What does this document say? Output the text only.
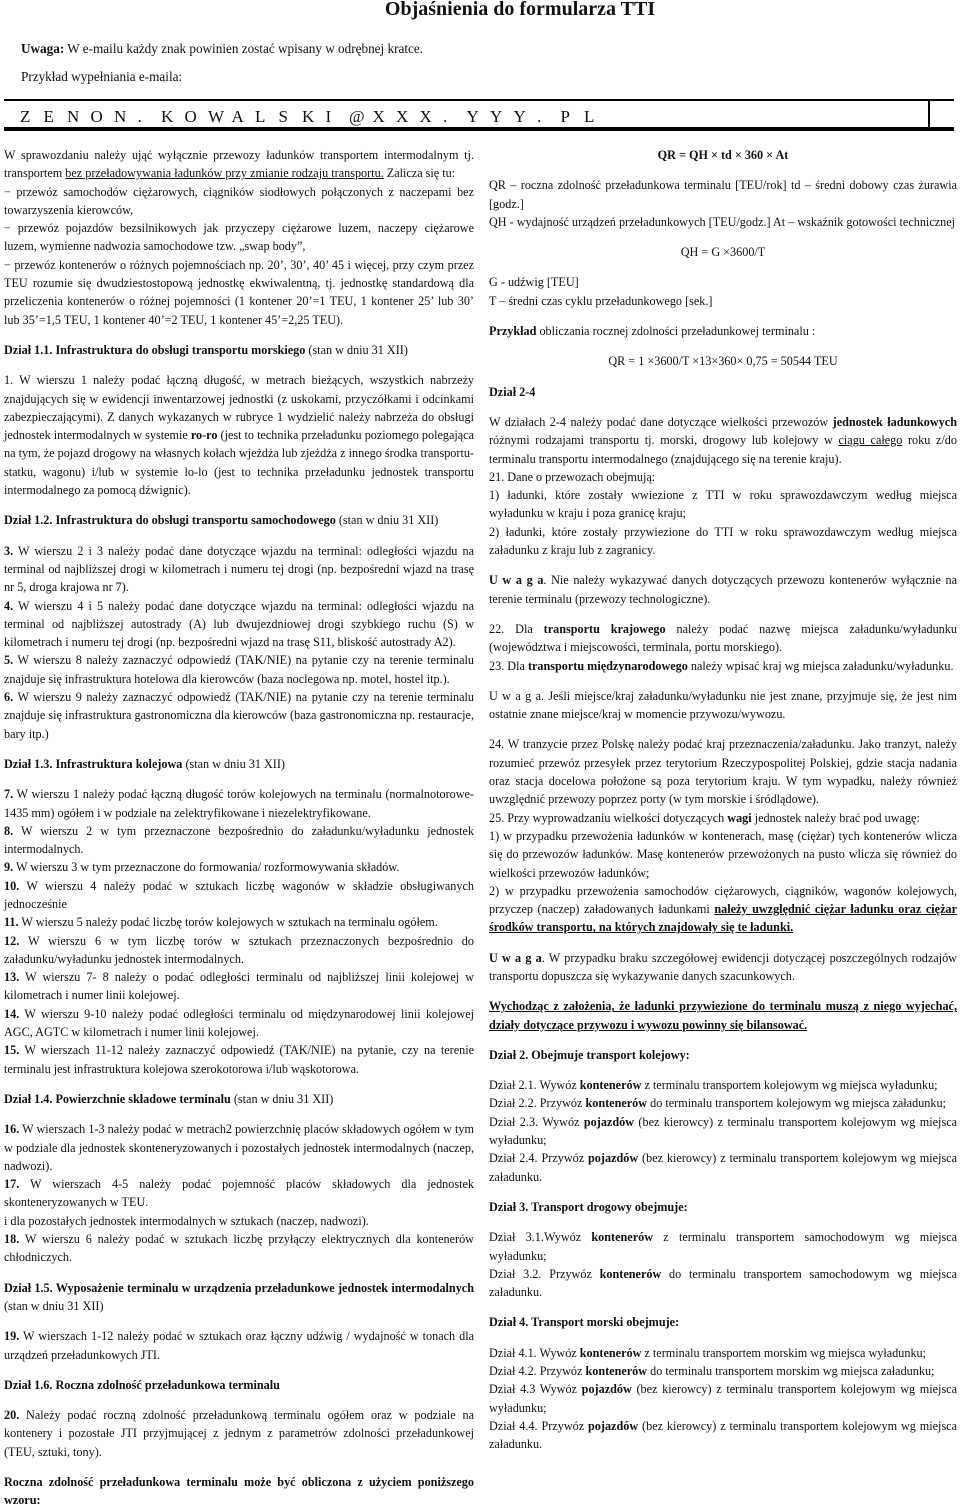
Objaśnienia do formularza TTI
Uwaga: W e-mailu każdy znak powinien zostać wpisany w odrębnej kratce.
Przykład wypełniania e-maila:
Z E N O N . K O W A L S K I @ X X X . Y Y Y . P L

W sprawozdaniu należy ująć wyłącznie przewozy ładunków transportem intermodalnym tj. transportem bez przeładowywania ładunków przy zmianie rodzaju transportu. Zalicza się tu:

− przewóz samochodów ciężarowych, ciągników siodłowych połączonych z naczepami bez towarzyszenia kierowców,

− przewóz pojazdów bezsilnikowych jak przyczepy ciężarowe luzem, naczepy ciężarowe luzem, wymienne nadwozia samochodowe tzw. „swap body”,

− przewóz kontenerów o różnych pojemnościach np. 20’, 30’, 40’ 45 i więcej, przy czym przez TEU rozumie się dwudziestostopową jednostkę ekwiwalentną, tj. jednostkę standardową dla przeliczenia kontenerów o różnej pojemności (1 kontener 20’=1 TEU, 1 kontener 25’ lub 30’ lub 35’=1,5 TEU, 1 kontener 40’=2 TEU, 1 kontener 45’=2,25 TEU).

Dział 1.1. Infrastruktura do obsługi transportu morskiego (stan w dniu 31 XII)

1. W wierszu 1 należy podać łączną długość, w metrach bieżących, wszystkich nabrzeży znajdujących się w ewidencji inwentarzowej jednostki (z uskokami, przyczółkami i odcinkami zabezpieczającymi). Z danych wykazanych w rubryce 1 wydzielić należy nabrzeża do obsługi jednostek intermodalnych w systemie ro-ro (jest to technika przeładunku poziomego polegająca na tym, że pojazd drogowy na własnych kołach wjeżdża lub zjeżdża z innego środka transportu- statku, wagonu) i/lub w systemie lo-lo (jest to technika przeładunku jednostek transportu intermodalnego za pomocą dźwignic).

Dział 1.2. Infrastruktura do obsługi transportu samochodowego (stan w dniu 31 XII)

3. W wierszu 2 i 3 należy podać dane dotyczące wjazdu na terminal: odległości wjazdu na terminal od najbliższej drogi w kilometrach i numeru tej drogi (np. bezpośredni wjazd na trasę nr 5, droga krajowa nr 7).

4. W wierszu 4 i 5 należy podać dane dotyczące wjazdu na terminal: odległości wjazdu na terminal od najbliższej autostrady (A) lub dwujezdniowej drogi szybkiego ruchu (S) w kilometrach i numeru tej drogi (np. bezpośredni wjazd na trasę S11, bliskość autostrady A2).

5. W wierszu 8 należy zaznaczyć odpowiedź (TAK/NIE) na pytanie czy na terenie terminalu znajduje się infrastruktura hotelowa dla kierowców (baza noclegowa np. motel, hostel itp.).

6. W wierszu 9 należy zaznaczyć odpowiedź (TAK/NIE) na pytanie czy na terenie terminalu znajduje się infrastruktura gastronomiczna dla kierowców (baza gastronomiczna np. restauracje, bary itp.)

Dział 1.3. Infrastruktura kolejowa (stan w dniu 31 XII)

7. W wierszu 1 należy podać łączną długość torów kolejowych na terminalu (normalnotorowe-1435 mm) ogółem i w podziale na zelektryfikowane i niezelektryfikowane.

8. W wierszu 2 w tym przeznaczone bezpośrednio do załadunku/wyładunku jednostek intermodalnych.

9. W wierszu 3 w tym przeznaczone do formowania/ rozformowywania składów.

10. W wierszu 4 należy podać w sztukach liczbę wagonów w składzie obsługiwanych jednocześnie

11. W wierszu 5 należy podać liczbę torów kolejowych w sztukach na terminalu ogółem.

12. W wierszu 6 w tym liczbę torów w sztukach przeznaczonych bezpośrednio do załadunku/wyładunku jednostek intermodalnych.

13. W wierszu 7- 8 należy o podać odległości terminalu od najbliższej linii kolejowej w kilometrach i numer linii kolejowej.

14. W wierszu 9-10 należy podać odległości terminalu od międzynarodowej linii kolejowej AGC, AGTC w kilometrach i numer linii kolejowej.

15. W wierszach 11-12 należy zaznaczyć odpowiedź (TAK/NIE) na pytanie, czy na terenie terminalu jest infrastruktura kolejowa szerokotorowa i/lub wąskotorowa.

Dział 1.4. Powierzchnie składowe terminalu (stan w dniu 31 XII)

16. W wierszach 1-3 należy podać w metrach2 powierzchnię placów składowych ogółem w tym w podziale dla jednostek skonteneryzowanych i pozostałych jednostek intermodalnych (naczep, nadwozi).

17. W wierszach 4-5 należy podać pojemność placów składowych dla jednostek skonteneryzowanych w TEU.

i dla pozostałych jednostek intermodalnych w sztukach (naczep, nadwozi).

18. W wierszu 6 należy podać w sztukach liczbę przyłączy elektrycznych dla kontenerów chłodniczych.

Dział 1.5. Wyposażenie terminalu w urządzenia przeładunkowe jednostek intermodalnych (stan w dniu 31 XII)

19. W wierszach 1-12 należy podać w sztukach oraz łączny udźwig / wydajność w tonach dla urządzeń przeładunkowych JTI.

Dział 1.6. Roczna zdolność przeładunkowa terminalu

20. Należy podać roczną zdolność przeładunkową terminalu ogółem oraz w podziale na kontenery i pozostałe JTI przyjmującej z jednym z parametrów zdolności przeładunkowej (TEU, sztuki, tony).

Roczna zdolność przeładunkowa terminalu może być obliczona z użyciem poniższego wzoru:

QR = QH × td × 360 × At

QR – roczna zdolność przeładunkowa terminalu [TEU/rok] td – średni dobowy czas żurawia [godz.]

QH - wydajność urządzeń przeładunkowych [TEU/godz.] At – wskaźnik gotowości technicznej

QH = G ×3600/T

G - udźwig [TEU]

T – średni czas cyklu przeładunkowego [sek.]

Przykład obliczania rocznej zdolności przeładunkowej terminalu :

QR = 1 ×3600/T ×13×360× 0,75 = 50544 TEU

Dział 2-4

W działach 2-4 należy podać dane dotyczące wielkości przewozów jednostek ładunkowych różnymi rodzajami transportu tj. morski, drogowy lub kolejowy w ciągu całego roku z/do terminalu transportu intermodalnego (znajdującego się na terenie kraju).

21. Dane o przewozach obejmują:

1) ładunki, które zostały wwiezione z TTI w roku sprawozdawczym według miejsca wyładunku w kraju i poza granicę kraju;

2) ładunki, które zostały przywiezione do TTI w roku sprawozdawczym według miejsca załadunku z kraju lub z zagranicy.

U w a g a. Nie należy wykazywać danych dotyczących przewozu kontenerów wyłącznie na terenie terminalu (przewozy technologiczne).

22. Dla transportu krajowego należy podać nazwę miejsca załadunku/wyładunku (województwa i miejscowości, terminala, portu morskiego).

23. Dla transportu międzynarodowego należy wpisać kraj wg miejsca załadunku/wyładunku.

U w a g a. Jeśli miejsce/kraj załadunku/wyładunku nie jest znane, przyjmuje się, że jest nim ostatnie znane miejsce/kraj w momencie przywozu/wywozu.

24. W tranzycie przez Polskę należy podać kraj przeznaczenia/załadunku. Jako tranzyt, należy rozumieć przewóz przesyłek przez terytorium Rzeczypospolitej Polskiej, gdzie stacja nadania oraz stacja docelowa położone są poza terytorium kraju. W tym wypadku, należy również uwzględnić przewozy poprzez porty (w tym morskie i śródlądowe).

25. Przy wyprowadzaniu wielkości dotyczących wagi jednostek należy brać pod uwagę:

1) w przypadku przewożenia ładunków w kontenerach, masę (ciężar) tych kontenerów wlicza się do przewozów ładunków. Masę kontenerów przewożonych na pusto wlicza się również do wielkości przewozów ładunków;

2) w przypadku przewożenia samochodów ciężarowych, ciągników, wagonów kolejowych, przyczep (naczep) załadowanych ładunkami należy uwzględnić ciężar ładunku oraz ciężar środków transportu, na których znajdowały się te ładunki.

U w a g a. W przypadku braku szczegółowej ewidencji dotyczącej poszczególnych rodzajów transportu dopuszcza się wykazywanie danych szacunkowych.

Wychodząc z założenia, że ładunki przywiezione do terminalu muszą z niego wyjechać, działy dotyczące przywozu i wywozu powinny się bilansować.

Dział 2. Obejmuje transport kolejowy:

Dział 2.1. Wywóz kontenerów z terminalu transportem kolejowym wg miejsca wyładunku;

Dział 2.2. Przywóz kontenerów do terminalu transportem kolejowym wg miejsca załadunku;

Dział 2.3. Wywóz pojazdów (bez kierowcy) z terminalu transportem kolejowym wg miejsca wyładunku;

Dział 2.4. Przywóz pojazdów (bez kierowcy) z terminalu transportem kolejowym wg miejsca załadunku.

Dział 3. Transport drogowy obejmuje:

Dział 3.1.Wywóz kontenerów z terminalu transportem samochodowym wg miejsca wyładunku;

Dział 3.2. Przywóz kontenerów do terminalu transportem samochodowym wg miejsca załadunku.

Dział 4. Transport morski obejmuje:

Dział 4.1. Wywóz kontenerów z terminalu transportem morskim wg miejsca wyładunku;

Dział 4.2. Przywóz kontenerów do terminalu transportem morskim wg miejsca załadunku;

Dział 4.3 Wywóz pojazdów (bez kierowcy) z terminalu transportem kolejowym wg miejsca wyładunku;

Dział 4.4. Przywóz pojazdów (bez kierowcy) z terminalu transportem kolejowym wg miejsca załadunku.
